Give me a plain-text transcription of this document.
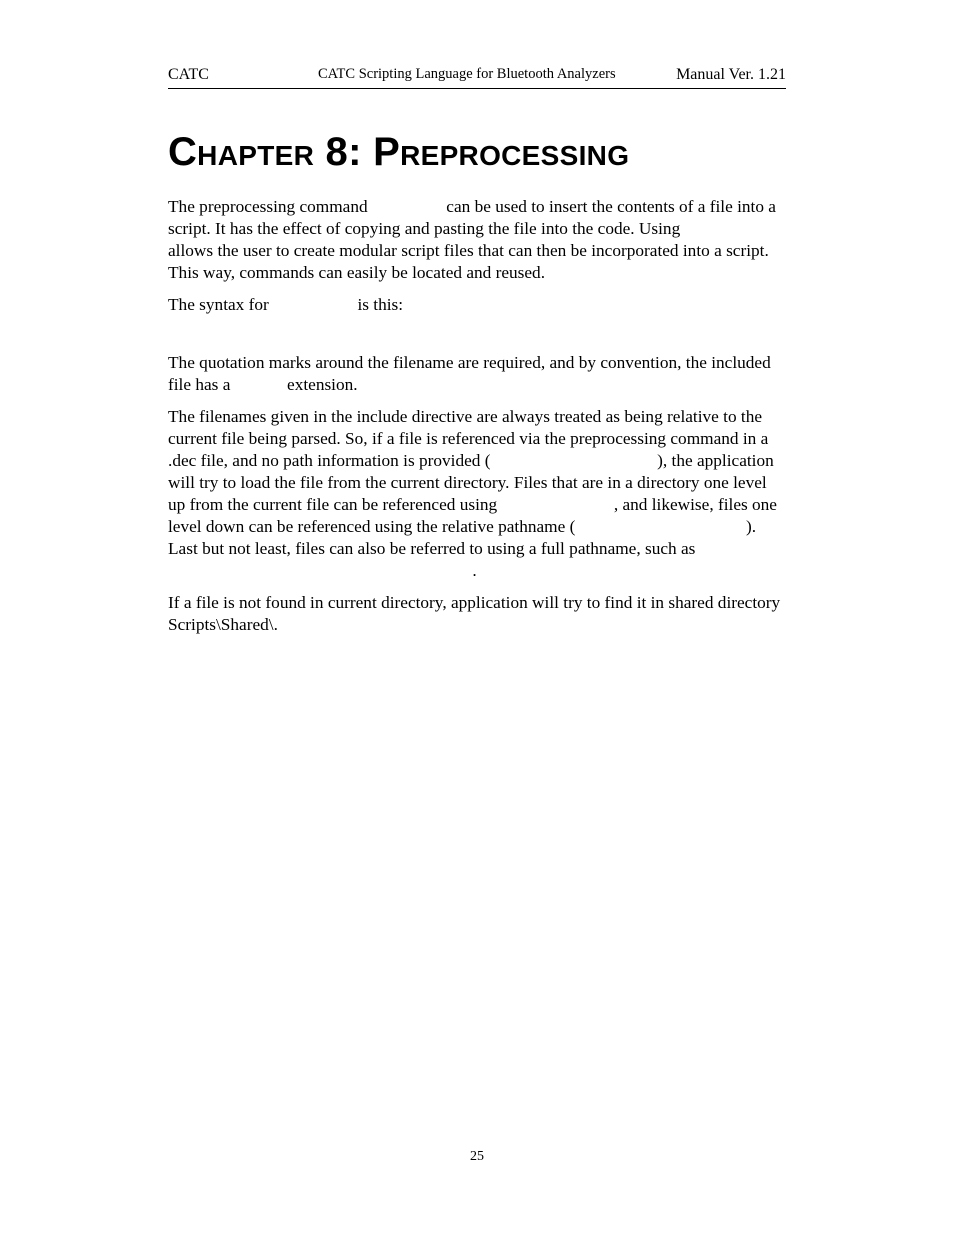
CATC	CATC Scripting Language for Bluetooth Analyzers	Manual Ver. 1.21
Chapter 8: Preprocessing

The preprocessing command	can be used to insert the contents of a file into a script. It has the effect of copying and pasting the file into the code. Using  allows the user to create modular script files that can then be incorporated into a script. This way, commands can easily be located and reused.

The syntax for	is this:

The quotation marks around the filename are required, and by convention, the included file has a	extension.

The filenames given in the include directive are always treated as being relative to the current file being parsed. So, if a file is referenced via the preprocessing command in a .dec file, and no path information is provided (	), the application will try to load the file from the current directory. Files that are in a directory one level up from the current file can be referenced using	, and likewise, files one level down can be referenced using the relative pathname (	). Last but not least, files can also be referred to using a full pathname, such as  .

If a file is not found in current directory, application will try to find it in shared directory Scripts\Shared\.

25
